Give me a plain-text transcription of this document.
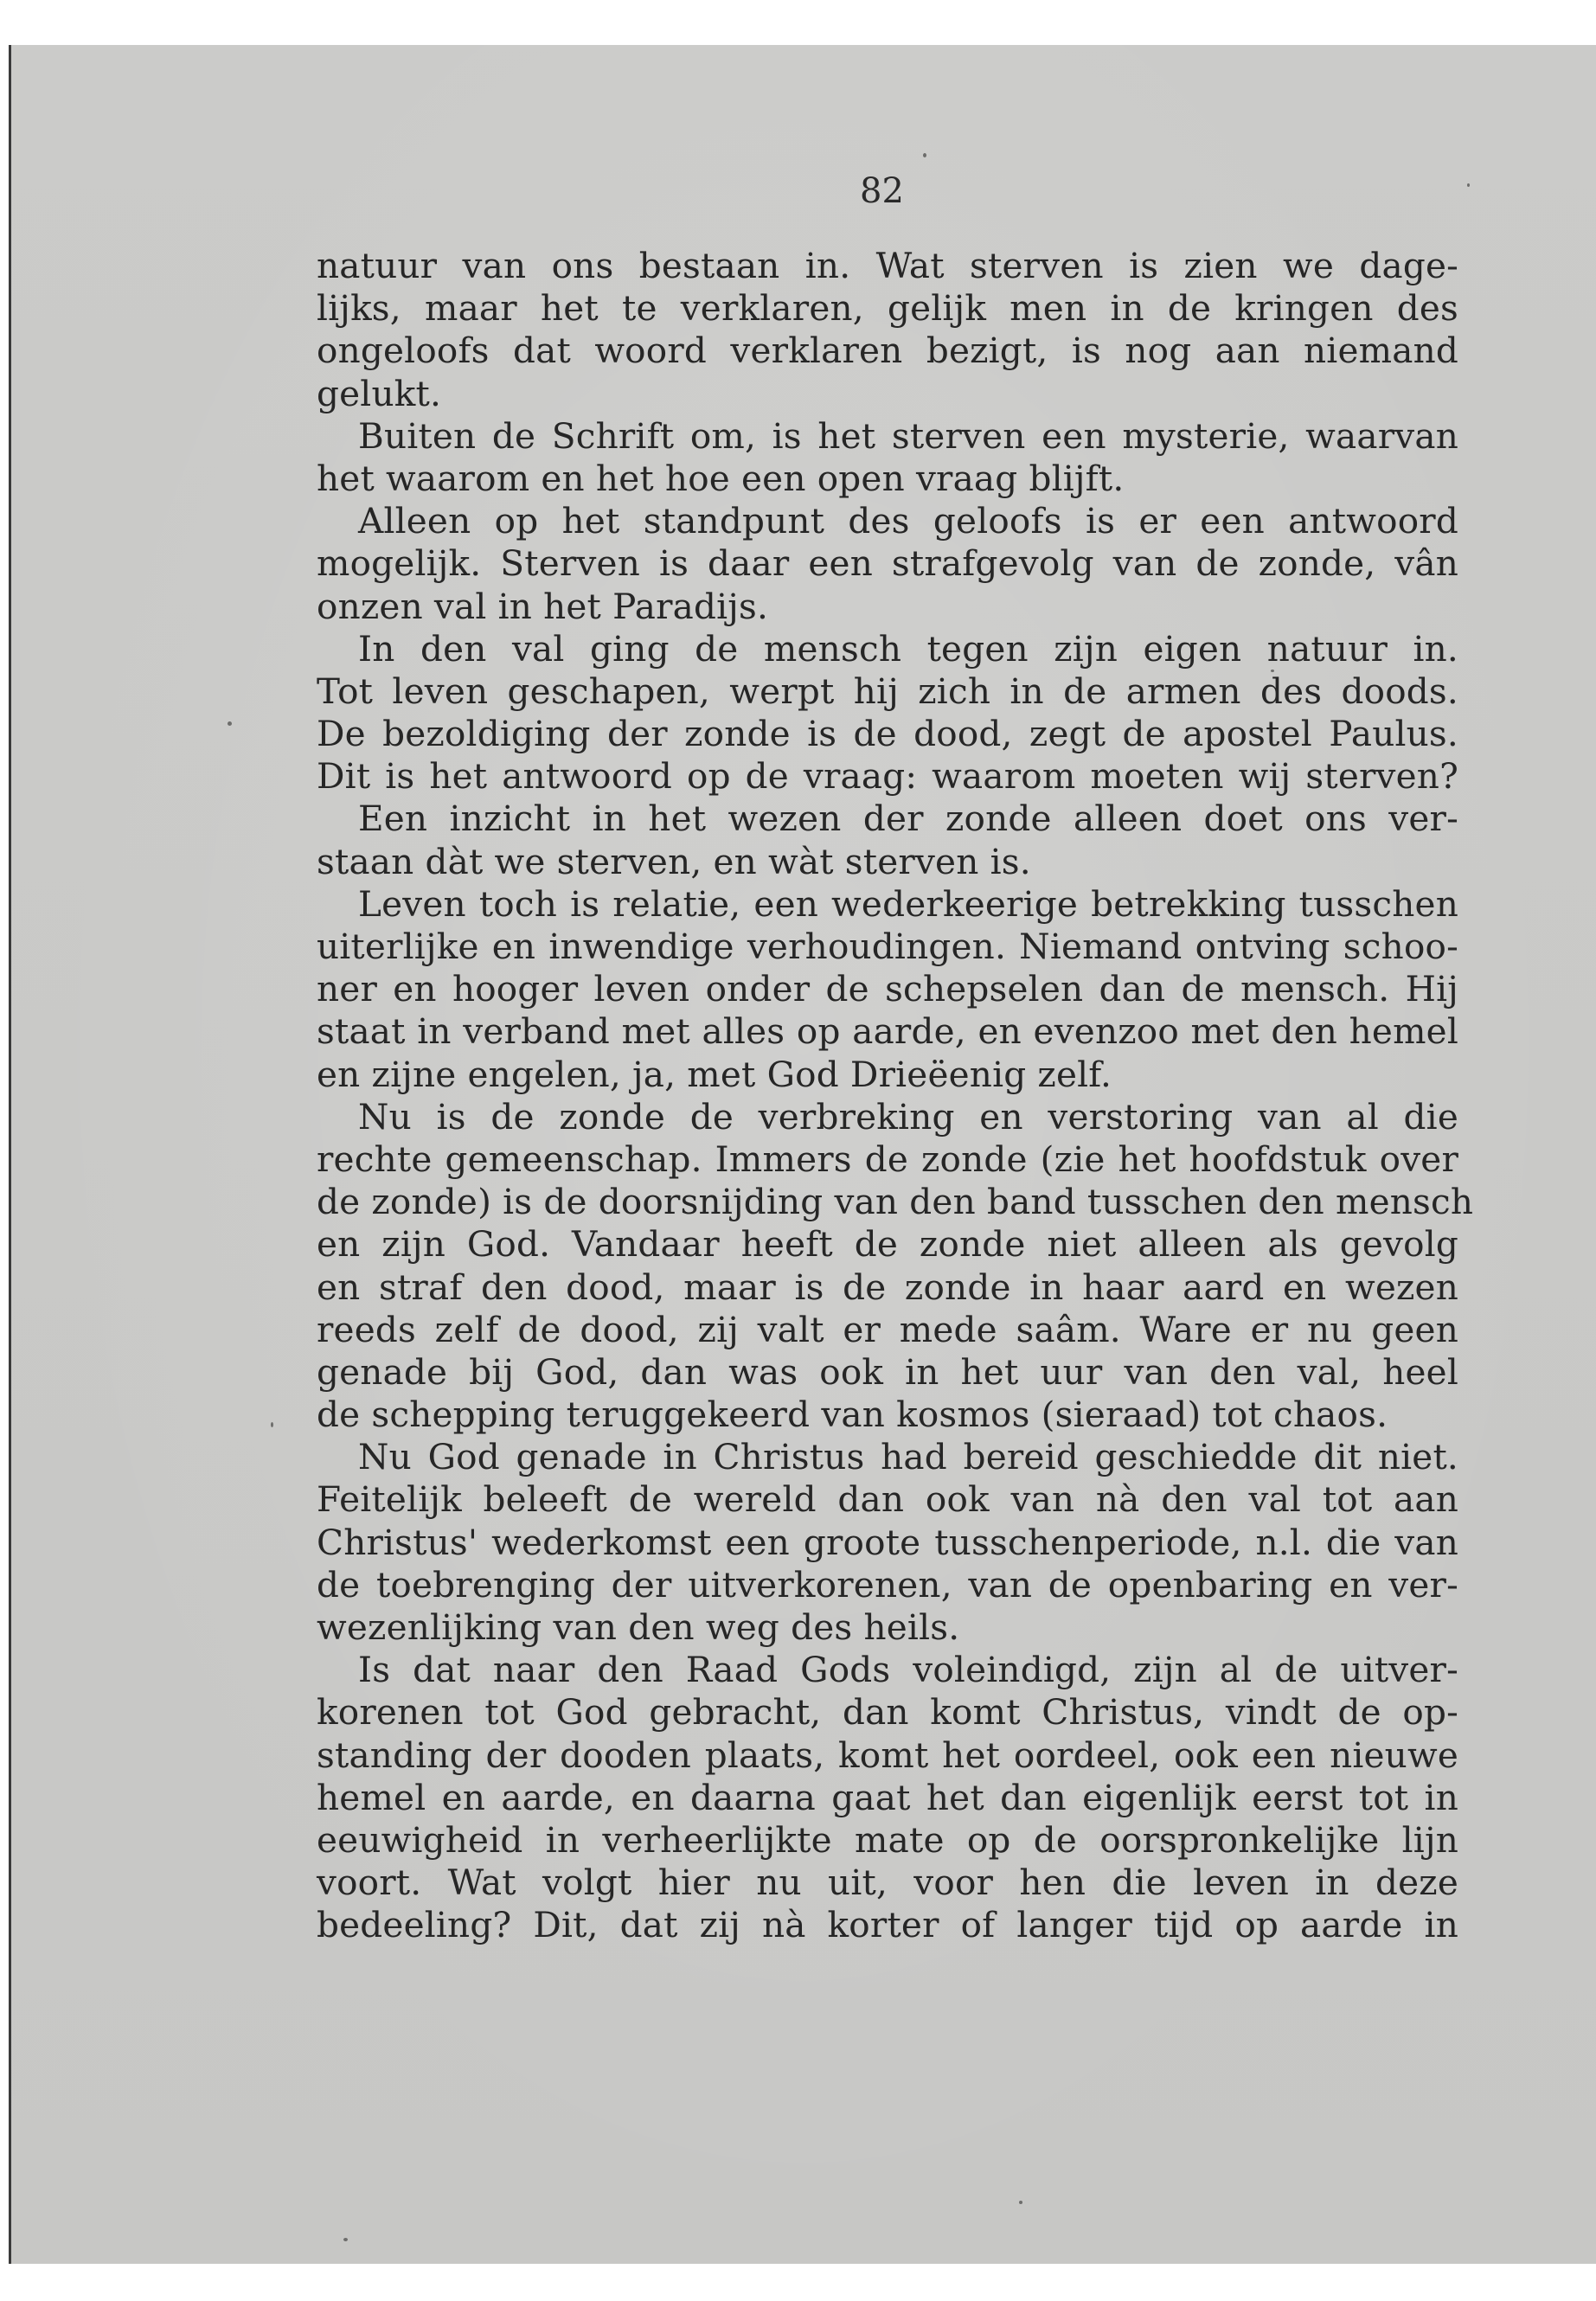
82
natuur van ons bestaan in. Wat sterven is zien we dage-
lijks, maar het te verklaren, gelijk men in de kringen des
ongeloofs dat woord verklaren bezigt, is nog aan niemand
gelukt.
Buiten de Schrift om, is het sterven een mysterie, waarvan
het waarom en het hoe een open vraag blijft.
Alleen op het standpunt des geloofs is er een antwoord
mogelijk. Sterven is daar een strafgevolg van de zonde, vân
onzen val in het Paradijs.
In den val ging de mensch tegen zijn eigen natuur in.
Tot leven geschapen, werpt hij zich in de armen des doods.
De bezoldiging der zonde is de dood, zegt de apostel Paulus.
Dit is het antwoord op de vraag: waarom moeten wij sterven?
Een inzicht in het wezen der zonde alleen doet ons ver-
staan dàt we sterven, en wàt sterven is.
Leven toch is relatie, een wederkeerige betrekking tusschen
uiterlijke en inwendige verhoudingen. Niemand ontving schoo-
ner en hooger leven onder de schepselen dan de mensch. Hij
staat in verband met alles op aarde, en evenzoo met den hemel
en zijne engelen, ja, met God Drieëenig zelf.
Nu is de zonde de verbreking en verstoring van al die
rechte gemeenschap. Immers de zonde (zie het hoofdstuk over
de zonde) is de doorsnijding van den band tusschen den mensch
en zijn God. Vandaar heeft de zonde niet alleen als gevolg
en straf den dood, maar is de zonde in haar aard en wezen
reeds zelf de dood, zij valt er mede saâm. Ware er nu geen
genade bij God, dan was ook in het uur van den val, heel
de schepping teruggekeerd van kosmos (sieraad) tot chaos.
Nu God genade in Christus had bereid geschiedde dit niet.
Feitelijk beleeft de wereld dan ook van nà den val tot aan
Christus' wederkomst een groote tusschenperiode, n.l. die van
de toebrenging der uitverkorenen, van de openbaring en ver-
wezenlijking van den weg des heils.
Is dat naar den Raad Gods voleindigd, zijn al de uitver-
korenen tot God gebracht, dan komt Christus, vindt de op-
standing der dooden plaats, komt het oordeel, ook een nieuwe
hemel en aarde, en daarna gaat het dan eigenlijk eerst tot in
eeuwigheid in verheerlijkte mate op de oorspronkelijke lijn
voort. Wat volgt hier nu uit, voor hen die leven in deze
bedeeling? Dit, dat zij nà korter of langer tijd op aarde in
